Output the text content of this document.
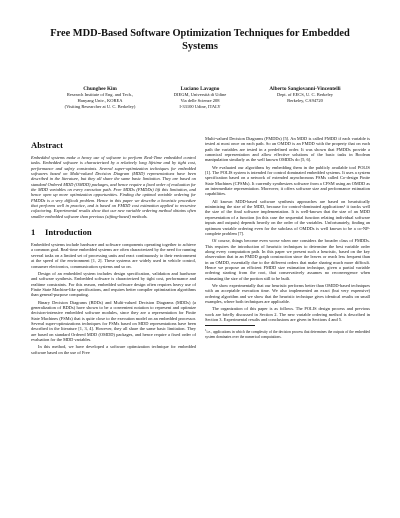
Free MDD-Based Software Optimization Techniques for Embedded Systems
Chunghee Kim
Research Institute of Eng. and Tech.,
Hanyang Univ., KOREA
(Visiting Researcher at U. C. Berkeley)
Luciano Lavagno
DIEGM, Università di Udine
Via delle Scienze 208
I-33100 Udine, ITALY
Alberto Sangiovanni-Vincentelli
Dept. of EECS, U. C. Berkeley
Berkeley, CA94720
Abstract

Embedded systems make a heavy use of software to perform Real-Time embedded control tasks. Embedded software is characterized by a relatively long lifetime and by tight cost, performance and safety constraints. Several super-optimization techniques for embedded softwares based on Multi-valued Decision Diagram (MDD) representations have been described in the literature, but they all share the same basic limitation. They are based on standard Ordered MDD (OMDD) packages, and hence require a fixed order of evaluation for the MDD variables on every execution path. Free MDDs (FMDDs) lift this limitation, and hence open up more optimization opportunities. Finding the optimal variable ordering for FMDDs is a very difficult problem. Hence in this paper we describe a heuristic procedure that performs well in practice, and is based on FMDD cost estimation applied to recursive cofactoring. Experimental results show that our new variable ordering method obtains often smaller embedded software than previous (sifting-based) methods.

1 Introduction

Embedded systems include hardware and software components operating together to achieve a common goal. Real-time embedded systems are often characterized by the need for running several tasks on a limited set of processing units and react continuously to their environment at the speed of the environment [1, 2]. These systems are widely used in vehicle control, consumer electronics, communication systems and so on.

Design of an embedded system includes design specification, validation and hardware and software synthesis. Embedded software is characterized by tight cost, performance and realtime constraints. For this reason, embedded software design often requires heavy use of Finite State Machine-like specifications, and requires better compiler optimization algorithms than general-purpose computing.

Binary Decision Diagrams (BDDs) and Multi-valued Decision Diagrams (MDDs) (a generalization of BDDs) have shown to be a convenient notation to represent and optimize decision-intensive embedded software modules, since they are a representation for Finite State Machines (FSMs) that is quite close to the execution model on an embedded processor. Several super-optimizations techniques for FSMs based on MDD representations have been described in the literature [1, 3, 4]. However, they all share the same basic limitation. They are based on standard Ordered MDD (OMDD) packages, and hence require a fixed order of evaluation for the MDD variables.

In this method, we have developed a software optimization technique for embedded software based on the use of Free

Multi-valued Decision Diagrams (FMDDs) [5]. An MDD is called FMDD if each variable is tested at most once on each path. So an OMDD is an FMDD with the property that on each path the variables are tested in a predefined order. It was shown that FMDDs provide a canonical representation and allow effective solutions of the basic tasks in Boolean manipulation similarly as the well known OMDDs do [5, 6].

We evaluated our algorithms by embedding them in the publicly available tool POLIS [1]. The POLIS system is intended for control dominated embedded systems. It uses a system specification based on a network of extended asynchronous FSMs called Co-design Finite State Machines (CFSMs). It currently synthesizes software from a CFSM using an OMDD as an intermediate representation. Moreover, it offers software size and performance estimation capabilities.

All known MDD-based software synthesis approaches are based on heuristically minimizing the size of the MDD, because for control-dominated applications¹ it tracks well the size of the final software implementation. It is well-known that the size of an MDD representation of a function (in this case the sequential function relating individual software inputs and outputs) depends heavily on the order of the variables. Unfortunately, finding an optimum variable ordering even for the subclass of OMDDs is well known to be a co-NP-complete problem [7].

Of course, things become even worse when one considers the broader class of FMDDs. This requires the introduction of heuristic techniques to determine the best variable order along every computation path. In this paper we present such a heuristic, based on the key observation that in an FMDD graph construction since the leaves or reach less frequent than in an OMDD, essentially due to the different orders that make sharing much more difficult. Hence we propose an efficient FMDD size estimation technique, given a partial variable ordering starting from the root, that conservatively assumes no reconvergence when estimating the size of the portion still to be built.

We show experimentally that our heuristic performs better than OMDD-based techniques with an acceptable execution time. We also implemented an exact (but very expensive) ordering algorithm and we show that the heuristic technique gives identical results on small examples, where both techniques are applicable.

The organization of this paper is as follows. The POLIS design process and previous work are briefly discussed in Section 2. The new variable ordering method is described in Section 3. Experimental results and conclusions are given in Sections 4 and 5.

$^1$i.e., applications in which the complexity of the decision process that determines the outputs of the embedded system dominates over the numerical computations.
